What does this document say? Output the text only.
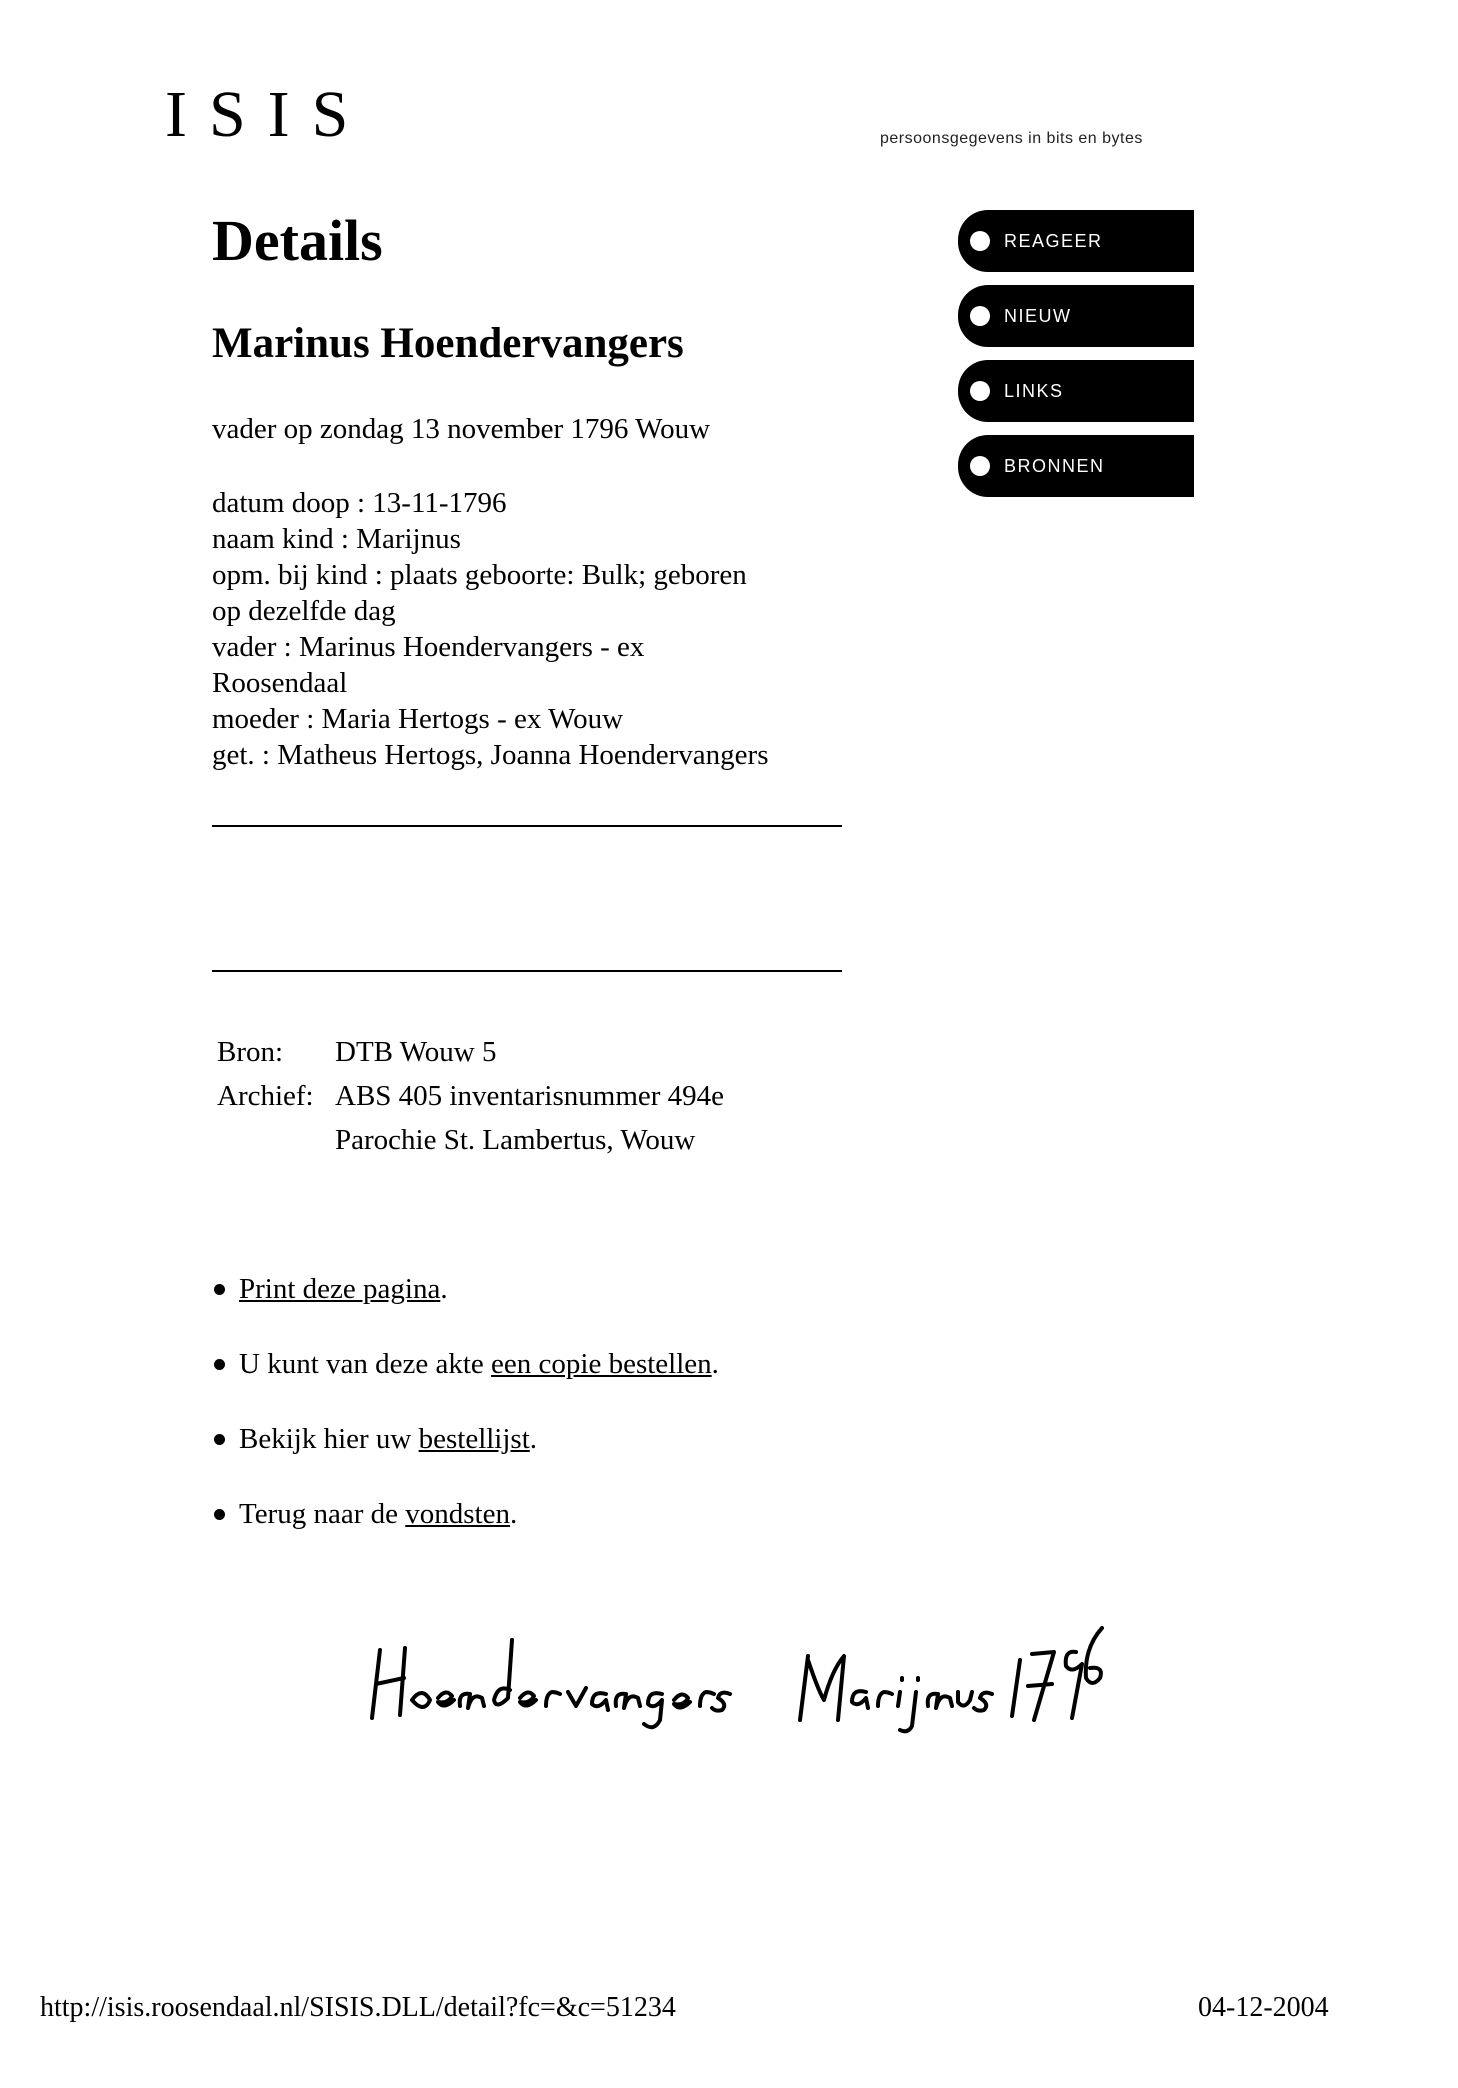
ISIS	persoonsgegevens in bits en bytes
REAGEER
NIEUW
LINKS
BRONNEN
Details
Marinus Hoendervangers
vader op zondag 13 november 1796 Wouw
datum doop : 13-11-1796
naam kind : Marijnus
opm. bij kind : plaats geboorte: Bulk; geboren
op dezelfde dag
vader : Marinus Hoendervangers - ex
Roosendaal
moeder : Maria Hertogs - ex Wouw
get. : Matheus Hertogs, Joanna Hoendervangers
Bron:	DTB Wouw 5
Archief: ABS 405 inventarisnummer 494e
Parochie St. Lambertus, Wouw
Print deze pagina .
U kunt van deze akte een copie bestellen .
Bekijk hier uw bestellijst .
Terug naar de vondsten .
http://isis.roosendaal.nl/SISIS.DLL/detail?fc=&c=51234	04-12-2004
